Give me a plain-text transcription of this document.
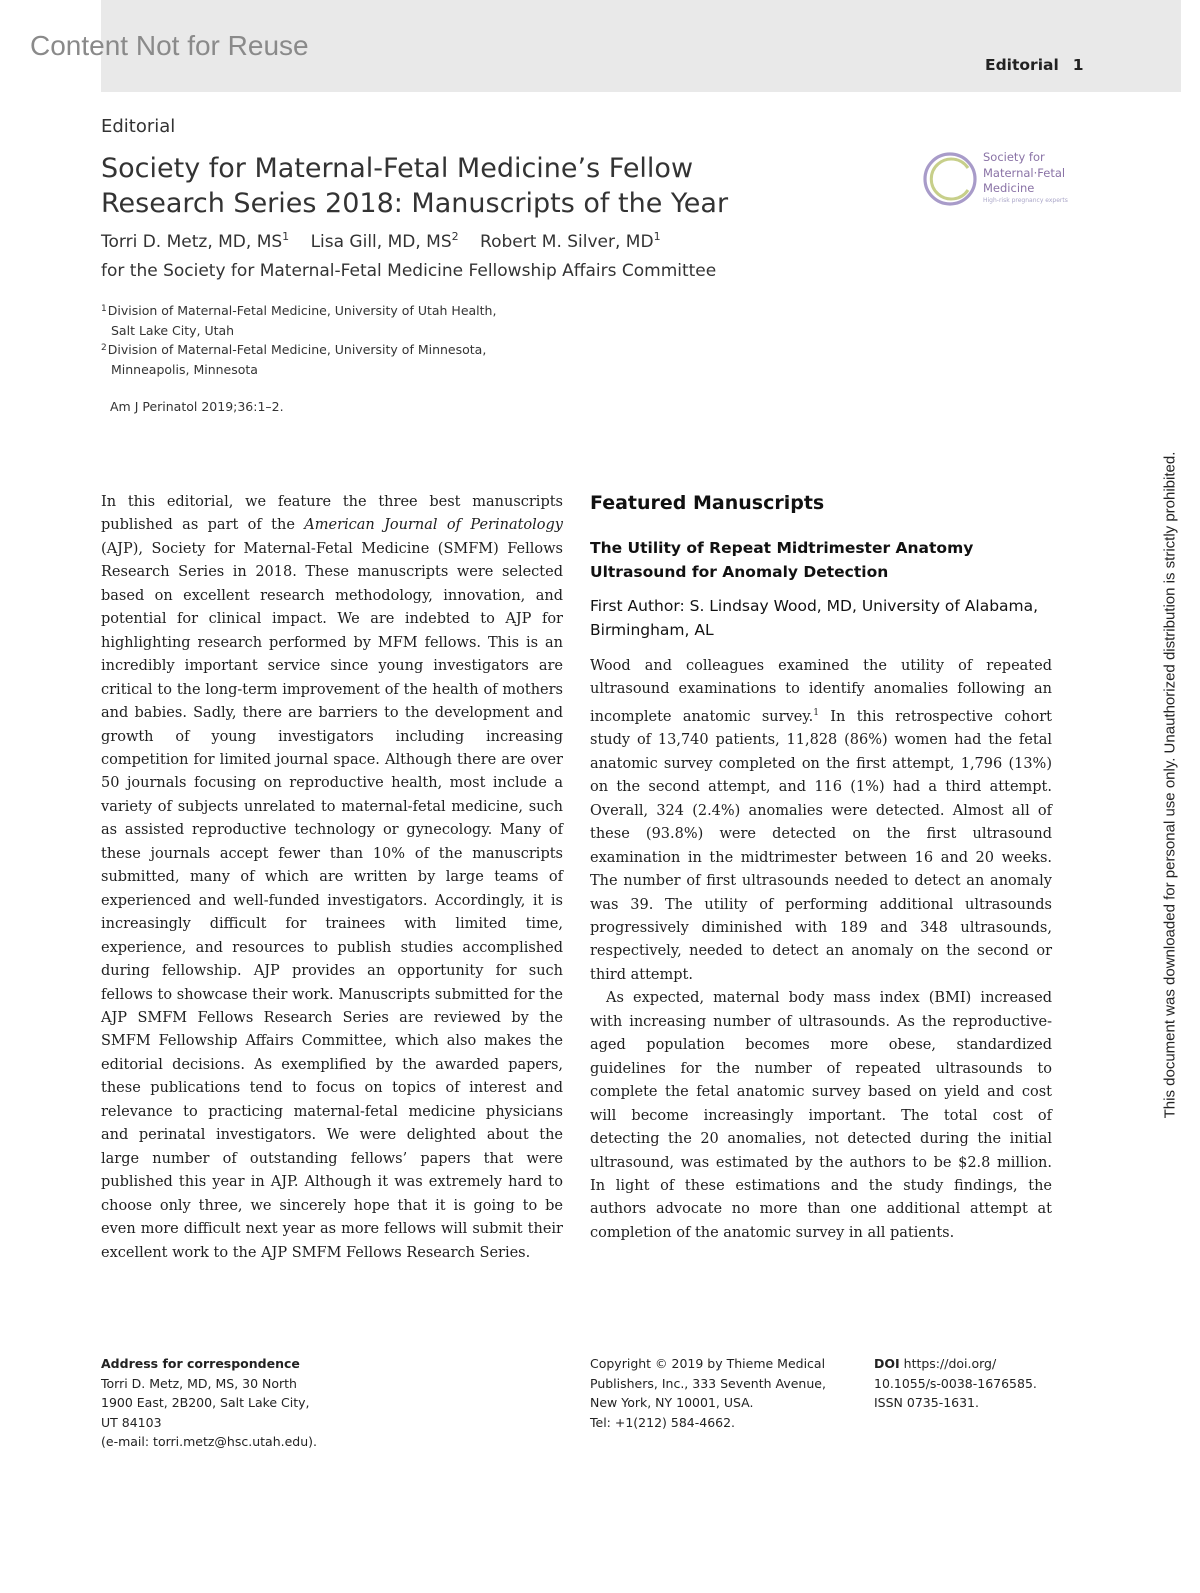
Content Not for Reuse
Editorial 1
Editorial
Society for Maternal-Fetal Medicine’s Fellow
Research Series 2018: Manuscripts of the Year
Society for
Maternal·Fetal
Medicine
High-risk pregnancy experts
Torri D. Metz, MD, $MS^1$ Lisa Gill, MD, $MS^2$ Robert M. Silver, $MD^1$
for the Society for Maternal-Fetal Medicine Fellowship Affairs Committee
$^1$Division of Maternal-Fetal Medicine, University of Utah Health,
Salt Lake City, Utah
$^2$Division of Maternal-Fetal Medicine, University of Minnesota,
Minneapolis, Minnesota
Am J Perinatol 2019;36:1–2.
In this editorial, we feature the three best manuscripts published as part of the American Journal of Perinatology (AJP), Society for Maternal-Fetal Medicine (SMFM) Fellows Research Series in 2018. These manuscripts were selected based on excellent research methodology, innovation, and potential for clinical impact. We are indebted to AJP for highlighting research performed by MFM fellows. This is an incredibly important service since young investigators are critical to the long-term improvement of the health of mothers and babies. Sadly, there are barriers to the development and growth of young investigators including increasing competition for limited journal space. Although there are over 50 journals focusing on reproductive health, most include a variety of subjects unrelated to maternal-fetal medicine, such as assisted reproductive technology or gynecology. Many of these journals accept fewer than 10% of the manuscripts submitted, many of which are written by large teams of experienced and well-funded investigators. Accordingly, it is increasingly difficult for trainees with limited time, experience, and resources to publish studies accomplished during fellowship. AJP provides an opportunity for such fellows to showcase their work. Manuscripts submitted for the AJP SMFM Fellows Research Series are reviewed by the SMFM Fellowship Affairs Committee, which also makes the editorial decisions. As exemplified by the awarded papers, these publications tend to focus on topics of interest and relevance to practicing maternal-fetal medicine physicians and perinatal investigators. We were delighted about the large number of outstanding fellows’ papers that were published this year in AJP. Although it was extremely hard to choose only three, we sincerely hope that it is going to be even more difficult next year as more fellows will submit their excellent work to the AJP SMFM Fellows Research Series.
Featured Manuscripts
The Utility of Repeat Midtrimester Anatomy Ultrasound for Anomaly Detection
First Author: S. Lindsay Wood, MD, University of Alabama, Birmingham, AL

Wood and colleagues examined the utility of repeated ultrasound examinations to identify anomalies following an incomplete anatomic survey.$^1$ In this retrospective cohort study of 13,740 patients, 11,828 (86%) women had the fetal anatomic survey completed on the first attempt, 1,796 (13%) on the second attempt, and 116 (1%) had a third attempt. Overall, 324 (2.4%) anomalies were detected. Almost all of these (93.8%) were detected on the first ultrasound examination in the midtrimester between 16 and 20 weeks. The number of first ultrasounds needed to detect an anomaly was 39. The utility of performing additional ultrasounds progressively diminished with 189 and 348 ultrasounds, respectively, needed to detect an anomaly on the second or third attempt.

As expected, maternal body mass index (BMI) increased with increasing number of ultrasounds. As the reproductive-aged population becomes more obese, standardized guidelines for the number of repeated ultrasounds to complete the fetal anatomic survey based on yield and cost will become increasingly important. The total cost of detecting the 20 anomalies, not detected during the initial ultrasound, was estimated by the authors to be $2.8 million. In light of these estimations and the study findings, the authors advocate no more than one additional attempt at completion of the anatomic survey in all patients.

This document was downloaded for personal use only. Unauthorized distribution is strictly prohibited.
Address for correspondence
Torri D. Metz, MD, MS, 30 North
1900 East, 2B200, Salt Lake City,
UT 84103
(e-mail: torri.metz@hsc.utah.edu).
Copyright © 2019 by Thieme Medical
Publishers, Inc., 333 Seventh Avenue,
New York, NY 10001, USA.
Tel: +1(212) 584-4662.
DOI https://doi.org/
10.1055/s-0038-1676585.
ISSN 0735-1631.
